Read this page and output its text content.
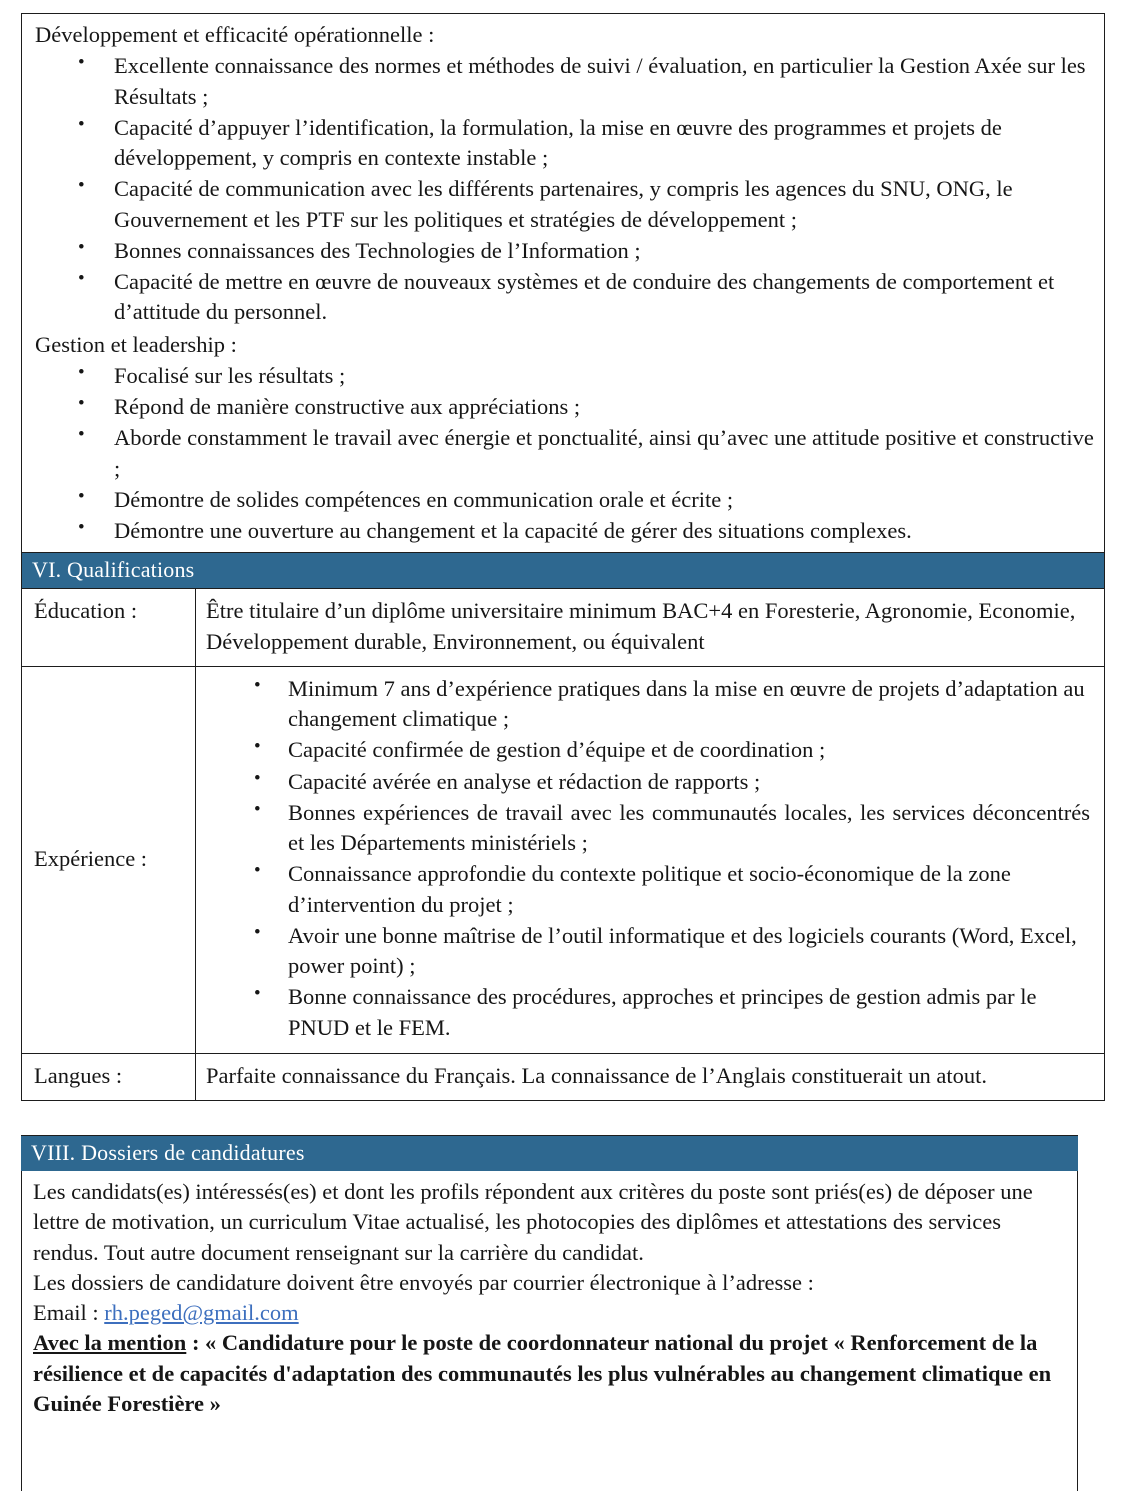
Développement et efficacité opérationnelle :

• Excellente connaissance des normes et méthodes de suivi / évaluation, en particulier la Gestion Axée sur les Résultats ;
• Capacité d’appuyer l’identification, la formulation, la mise en œuvre des programmes et projets de développement, y compris en contexte instable ;
• Capacité de communication avec les différents partenaires, y compris les agences du SNU, ONG, le Gouvernement et les PTF sur les politiques et stratégies de développement ;
• Bonnes connaissances des Technologies de l’Information ;
• Capacité de mettre en œuvre de nouveaux systèmes et de conduire des changements de comportement et d’attitude du personnel.

Gestion et leadership :

• Focalisé sur les résultats ;
• Répond de manière constructive aux appréciations ;
• Aborde constamment le travail avec énergie et ponctualité, ainsi qu’avec une attitude positive et constructive ;
• Démontre de solides compétences en communication orale et écrite ;
• Démontre une ouverture au changement et la capacité de gérer des situations complexes.
VI. Qualifications
Éducation :	Être titulaire d’un diplôme universitaire minimum BAC+4 en Foresterie, Agronomie, Economie, Développement durable, Environnement, ou équivalent

Expérience :
• Minimum 7 ans d’expérience pratiques dans la mise en œuvre de projets d’adaptation au changement climatique ;
• Capacité confirmée de gestion d’équipe et de coordination ;
• Capacité avérée en analyse et rédaction de rapports ;
• Bonnes expériences de travail avec les communautés locales, les services déconcentrés et les Départements ministériels ;
• Connaissance approfondie du contexte politique et socio-économique de la zone d’intervention du projet ;
• Avoir une bonne maîtrise de l’outil informatique et des logiciels courants (Word, Excel, power point) ;
• Bonne connaissance des procédures, approches et principes de gestion admis par le PNUD et le FEM.
Langues :	Parfaite connaissance du Français. La connaissance de l’Anglais constituerait un atout.

VIII. Dossiers de candidatures

Les candidats(es) intéressés(es) et dont les profils répondent aux critères du poste sont priés(es) de déposer une lettre de motivation, un curriculum Vitae actualisé, les photocopies des diplômes et attestations des services rendus. Tout autre document renseignant sur la carrière du candidat.

Les dossiers de candidature doivent être envoyés par courrier électronique à l’adresse :

Email : rh.peged@gmail.com

Avec la mention : « Candidature pour le poste de coordonnateur national du projet « Renforcement de la résilience et de capacités d'adaptation des communautés les plus vulnérables au changement climatique en Guinée Forestière »
